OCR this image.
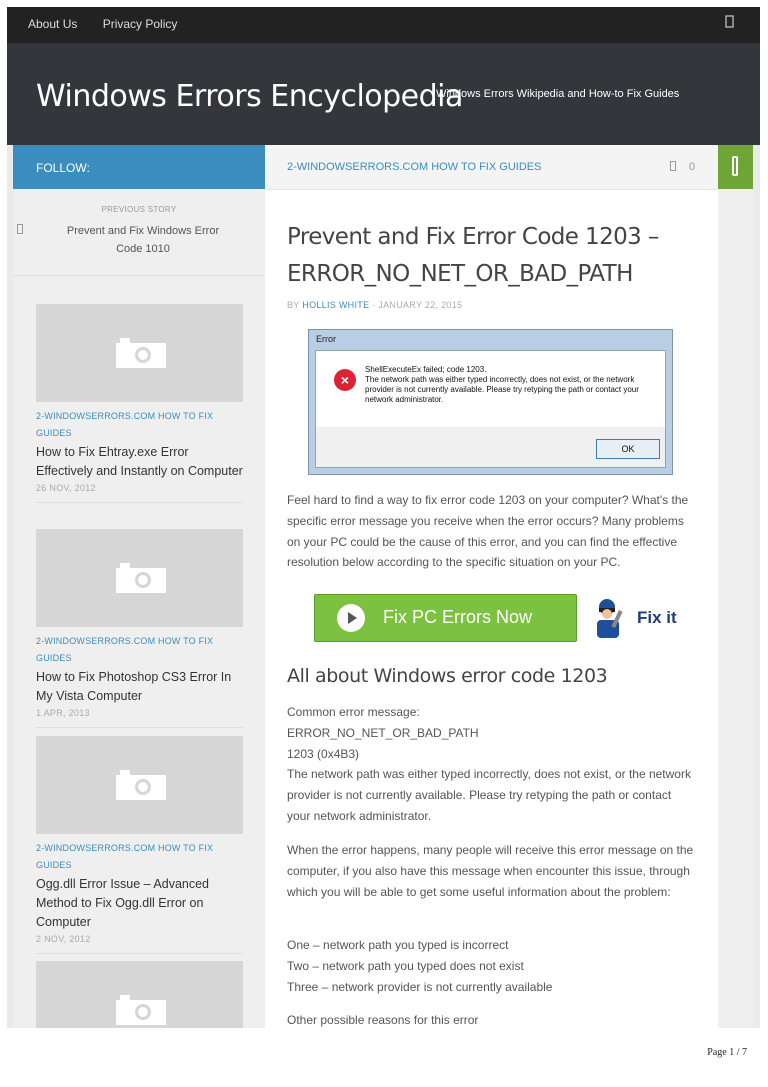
About Us Privacy Policy
Windows Errors Encyclopedia
Windows Errors Wikipedia and How-to Fix Guides
FOLLOW:
PREVIOUS STORY
Prevent and Fix Windows Error Code 1010
2-WINDOWSERRORS.COM HOW TO FIX GUIDES
How to Fix Ehtray.exe Error Effectively and Instantly on Computer
26 NOV, 2012
2-WINDOWSERRORS.COM HOW TO FIX GUIDES
How to Fix Photoshop CS3 Error In My Vista Computer
1 APR, 2013
2-WINDOWSERRORS.COM HOW TO FIX GUIDES
Ogg.dll Error Issue – Advanced Method to Fix Ogg.dll Error on Computer
2 NOV, 2012
2-WINDOWSERRORS.COM HOW TO FIX GUIDES	0
Prevent and Fix Error Code 1203 – ERROR_NO_NET_OR_BAD_PATH
BY HOLLIS WHITE · JANUARY 22, 2015
Error
×
ShellExecuteEx failed; code 1203.
The network path was either typed incorrectly, does not exist, or the network provider is not currently available. Please try retyping the path or contact your network administrator.
OK
Feel hard to find a way to fix error code 1203 on your computer? What's the specific error message you receive when the error occurs? Many problems on your PC could be the cause of this error, and you can find the effective resolution below according to the specific situation on your PC.
Fix PC Errors Now	Fix it
All about Windows error code 1203
Common error message:
ERROR_NO_NET_OR_BAD_PATH
1203 (0x4B3)
The network path was either typed incorrectly, does not exist, or the network provider is not currently available. Please try retyping the path or contact your network administrator.
When the error happens, many people will receive this error message on the computer, if you also have this message when encounter this issue, through which you will be able to get some useful information about the problem:
One – network path you typed is incorrect
Two – network path you typed does not exist
Three – network provider is not currently available
Other possible reasons for this error
Page 1 / 7
